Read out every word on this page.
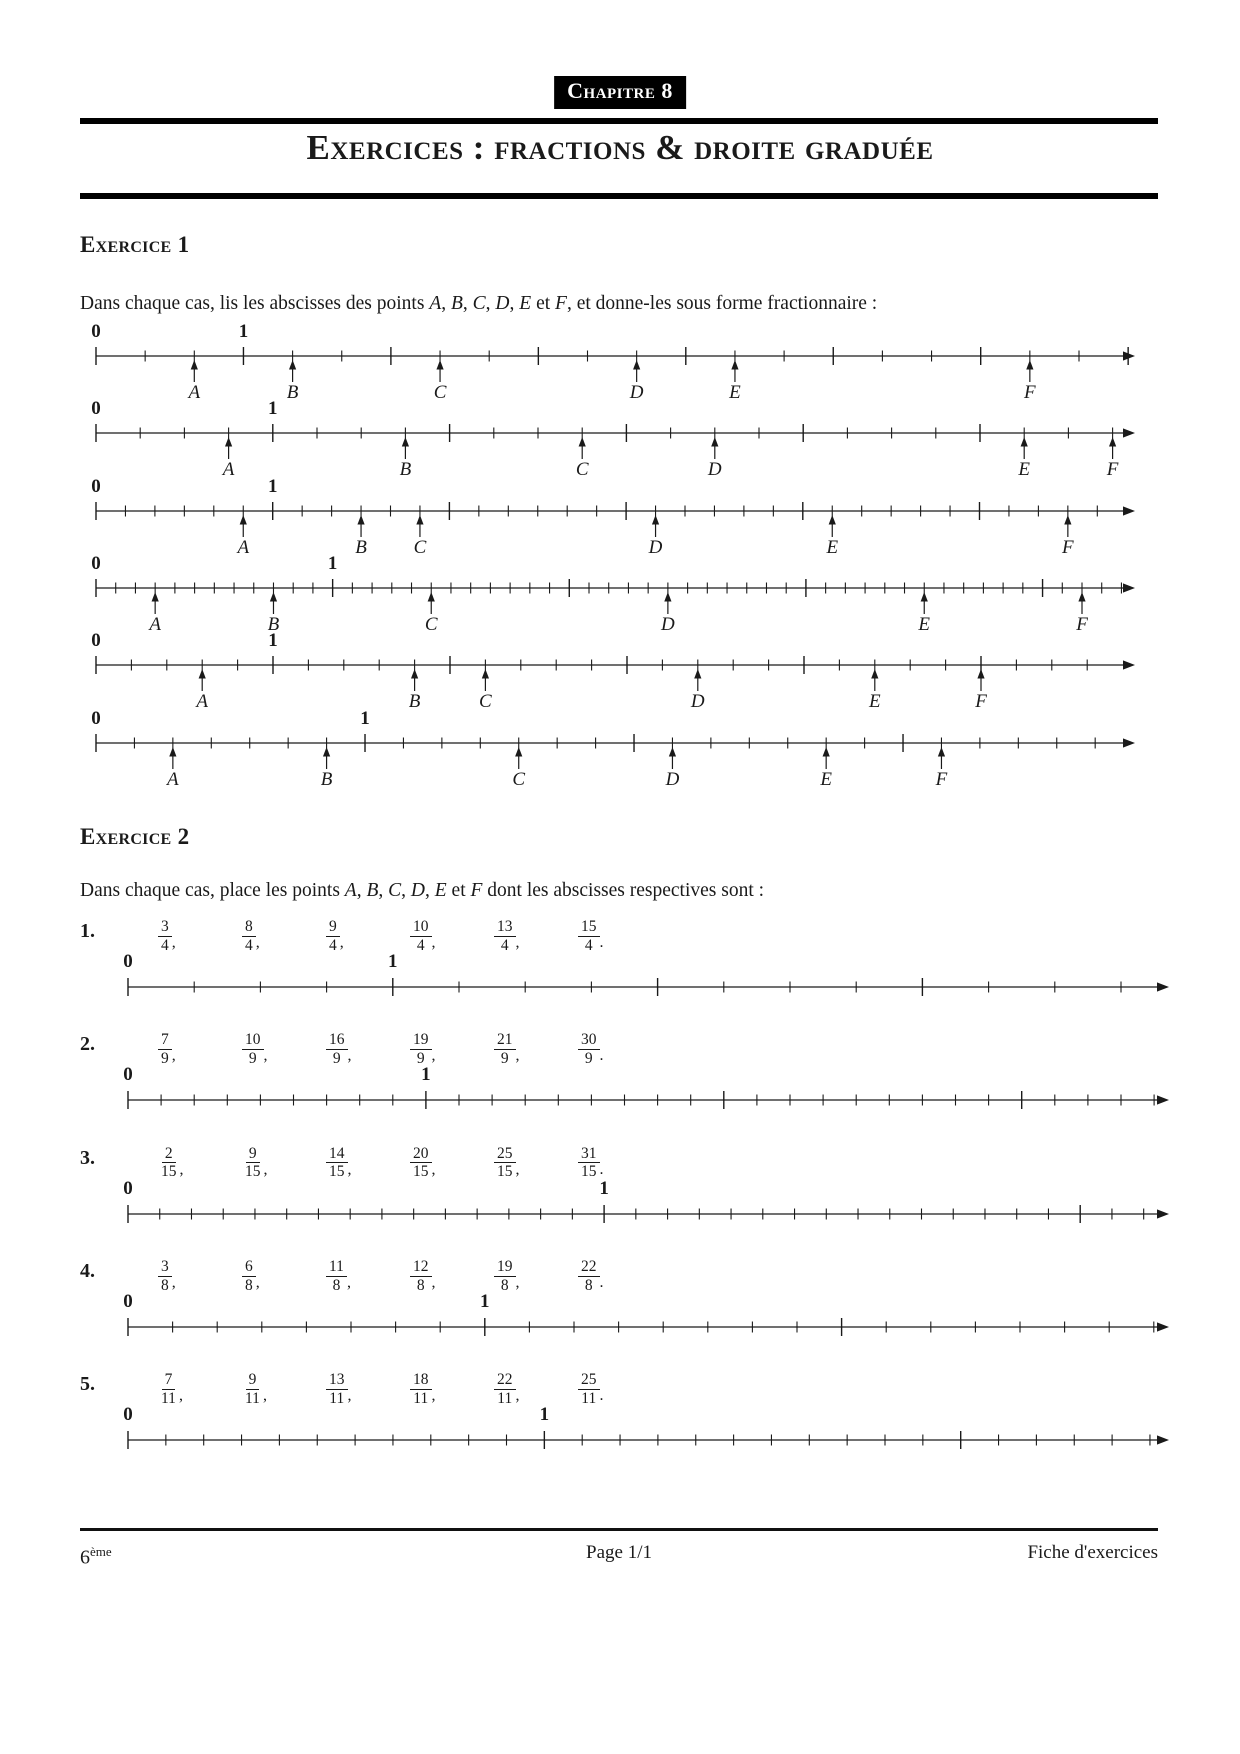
Chapitre 8
Exercices : fractions & droite graduée
Exercice 1
Dans chaque cas, lis les abscisses des points A, B, C, D, E et F, et donne-les sous forme fractionnaire :
0	1
A	B	C	D	E	F
0	1
A	B	C	D	E	F
0	1
A	B C	D	E	F
0	1
A	B	C	D	E	F
0	1
A	B	C	D	E	F
0	1
A	B	C	D	E	F
Exercice 2
Dans chaque cas, place les points A, B, C, D, E et F dont les abscisses respectives sont :
1.	$\frac{3}{4}$ ,	$\frac{8}{4}$ ,	$\frac{9}{4}$ ,	$\frac{10}{4}$ ,	$\frac{13}{4}$ ,	$\frac{15}{4}$ .
0	1
2.	$\frac{7}{9}$ ,	$\frac{10}{9}$ ,	$\frac{16}{9}$ ,	$\frac{19}{9}$ ,	$\frac{21}{9}$ ,	$\frac{30}{9}$ .
0	1
3.	$\frac{2}{15}$ ,	$\frac{9}{15}$ ,	$\frac{14}{15}$ ,	$\frac{20}{15}$ ,	$\frac{25}{15}$ ,	$\frac{31}{15}$ .
0	1
4.	$\frac{3}{8}$ ,	$\frac{6}{8}$ ,	$\frac{11}{8}$ ,	$\frac{12}{8}$ ,	$\frac{19}{8}$ ,	$\frac{22}{8}$ .
0	1
5.	$\frac{7}{11}$ ,	$\frac{9}{11}$ ,	$\frac{13}{11}$ ,	$\frac{18}{11}$ ,	$\frac{22}{11}$ ,	$\frac{25}{11}$ .
0	1
6ème	Page 1/1	Fiche d'exercices
